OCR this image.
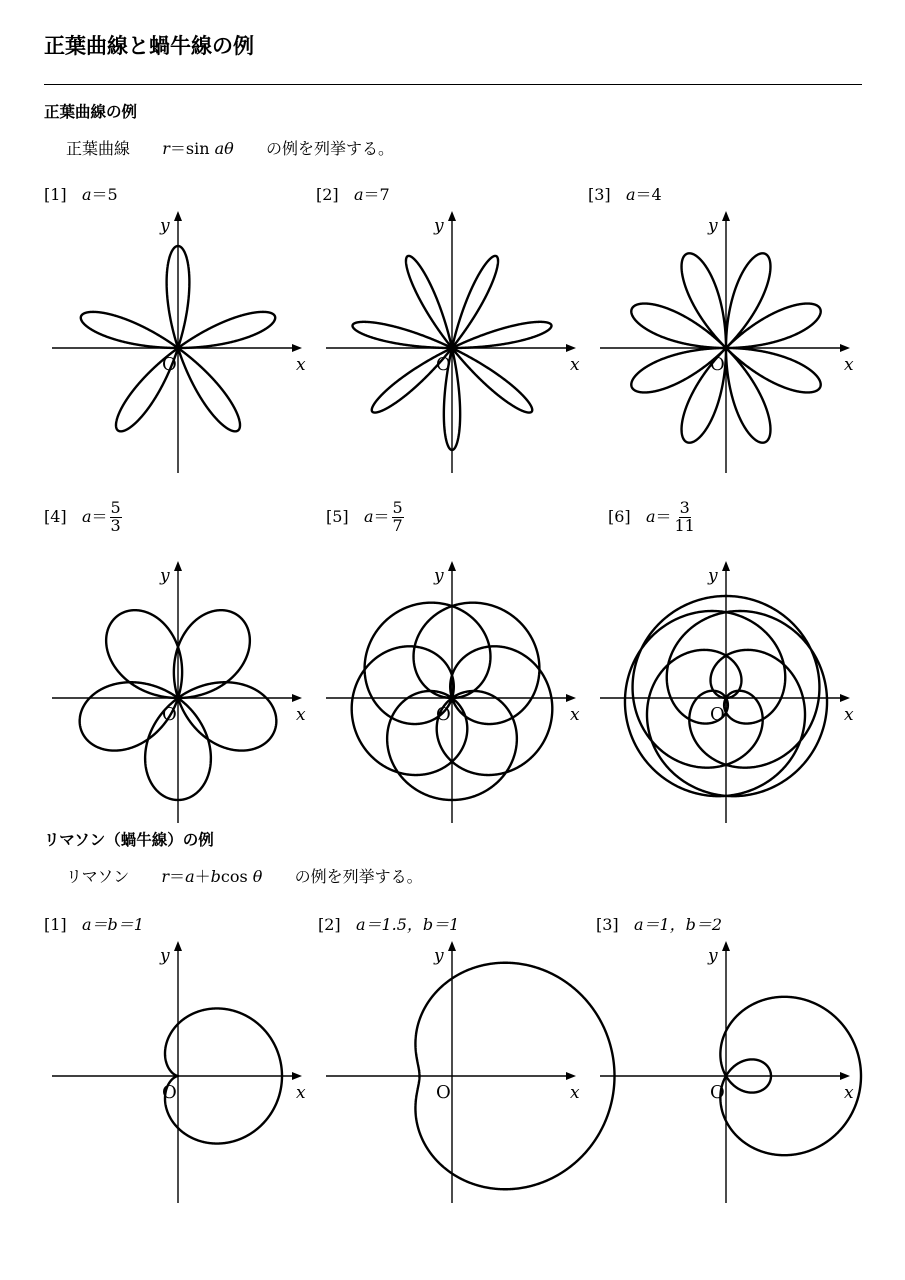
正葉曲線と蝸牛線の例
正葉曲線の例
正葉曲線 r＝sin aθ の例を列挙する。
[1] a＝5	[2] a＝7	[3] a＝4
[4] $a= \frac{5}{3}$	[5] $a= \frac{5}{7}$	[6] $a= \frac{3}{11}$
リマソン（蝸牛線）の例
リマソン r＝a＋bcos θ の例を列挙する。
[1] a＝b＝1	[2] a＝1.5，b＝1	[3] a＝1，b＝2
x
y
O	x
y
O	x
y
O
x
y
O	x
y
O	x
y
O
x
y
O	x
y
O	x
y
O
